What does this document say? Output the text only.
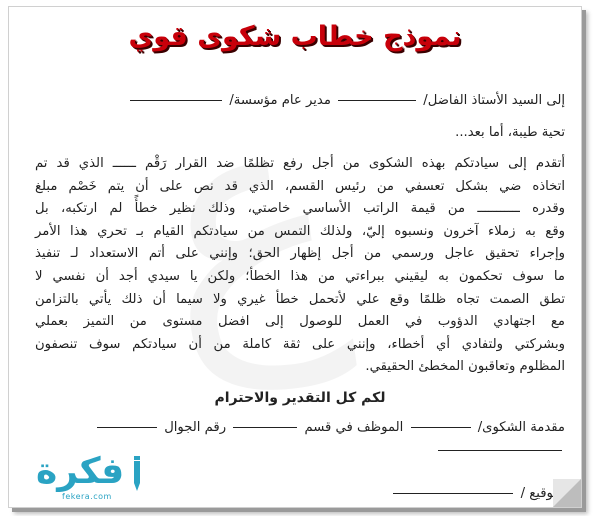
نموذج خطاب شكوى قوي
إلى السيد الأستاذ الفاضل/  مدير عام مؤسسة/
تحية طيبة، أما بعد...
أتقدم إلى سيادتكم بهذه الشكوى من أجل رفع تظلمًا ضد القرار رَقْم ــــــ الذي قد تم
اتخاذه ضي بشكل تعسفي من رئيس القسم، الذي قد نص على أن يتم خَصْم مبلغ
وقدره ـــــــــــ من قيمة الراتب الأساسي خاصتي، وذلك نظير خطأً لم ارتكبه، بل
وقع به زملاء آخرون ونسبوه إليّ، ولذلك التمس من سيادتكم القيام بـ تحري هذا الأمر
وإجراء تحقيق عاجل ورسمي من أجل إظهار الحق؛ وإنني على أتم الاستعداد لـ تنفيذ
ما سوف تحكمون به ليقيني ببراءتي من هذا الخطأ؛ ولكن يا سيدي أجد أن نفسي لا
تطق الصمت تجاه ظلمًا وقع علي لأتحمل خطأ غيري ولا سيما أن ذلك يأتي بالتزامن
مع اجتهادي الدؤوب في العمل للوصول إلى افضل مستوى من التميز بعملي
وبشركتي ولتفادي أي أخطاء، وإنني على ثقة كاملة من أن سيادتكم سوف تنصفون
المظلوم وتعاقبون المخطئ الحقيقي.
لكم كل التقدير والاحترام
مقدمة الشكوى/  الموظف في قسم  رقم الجوال
التوقيع /
فكرة
fekera.com
